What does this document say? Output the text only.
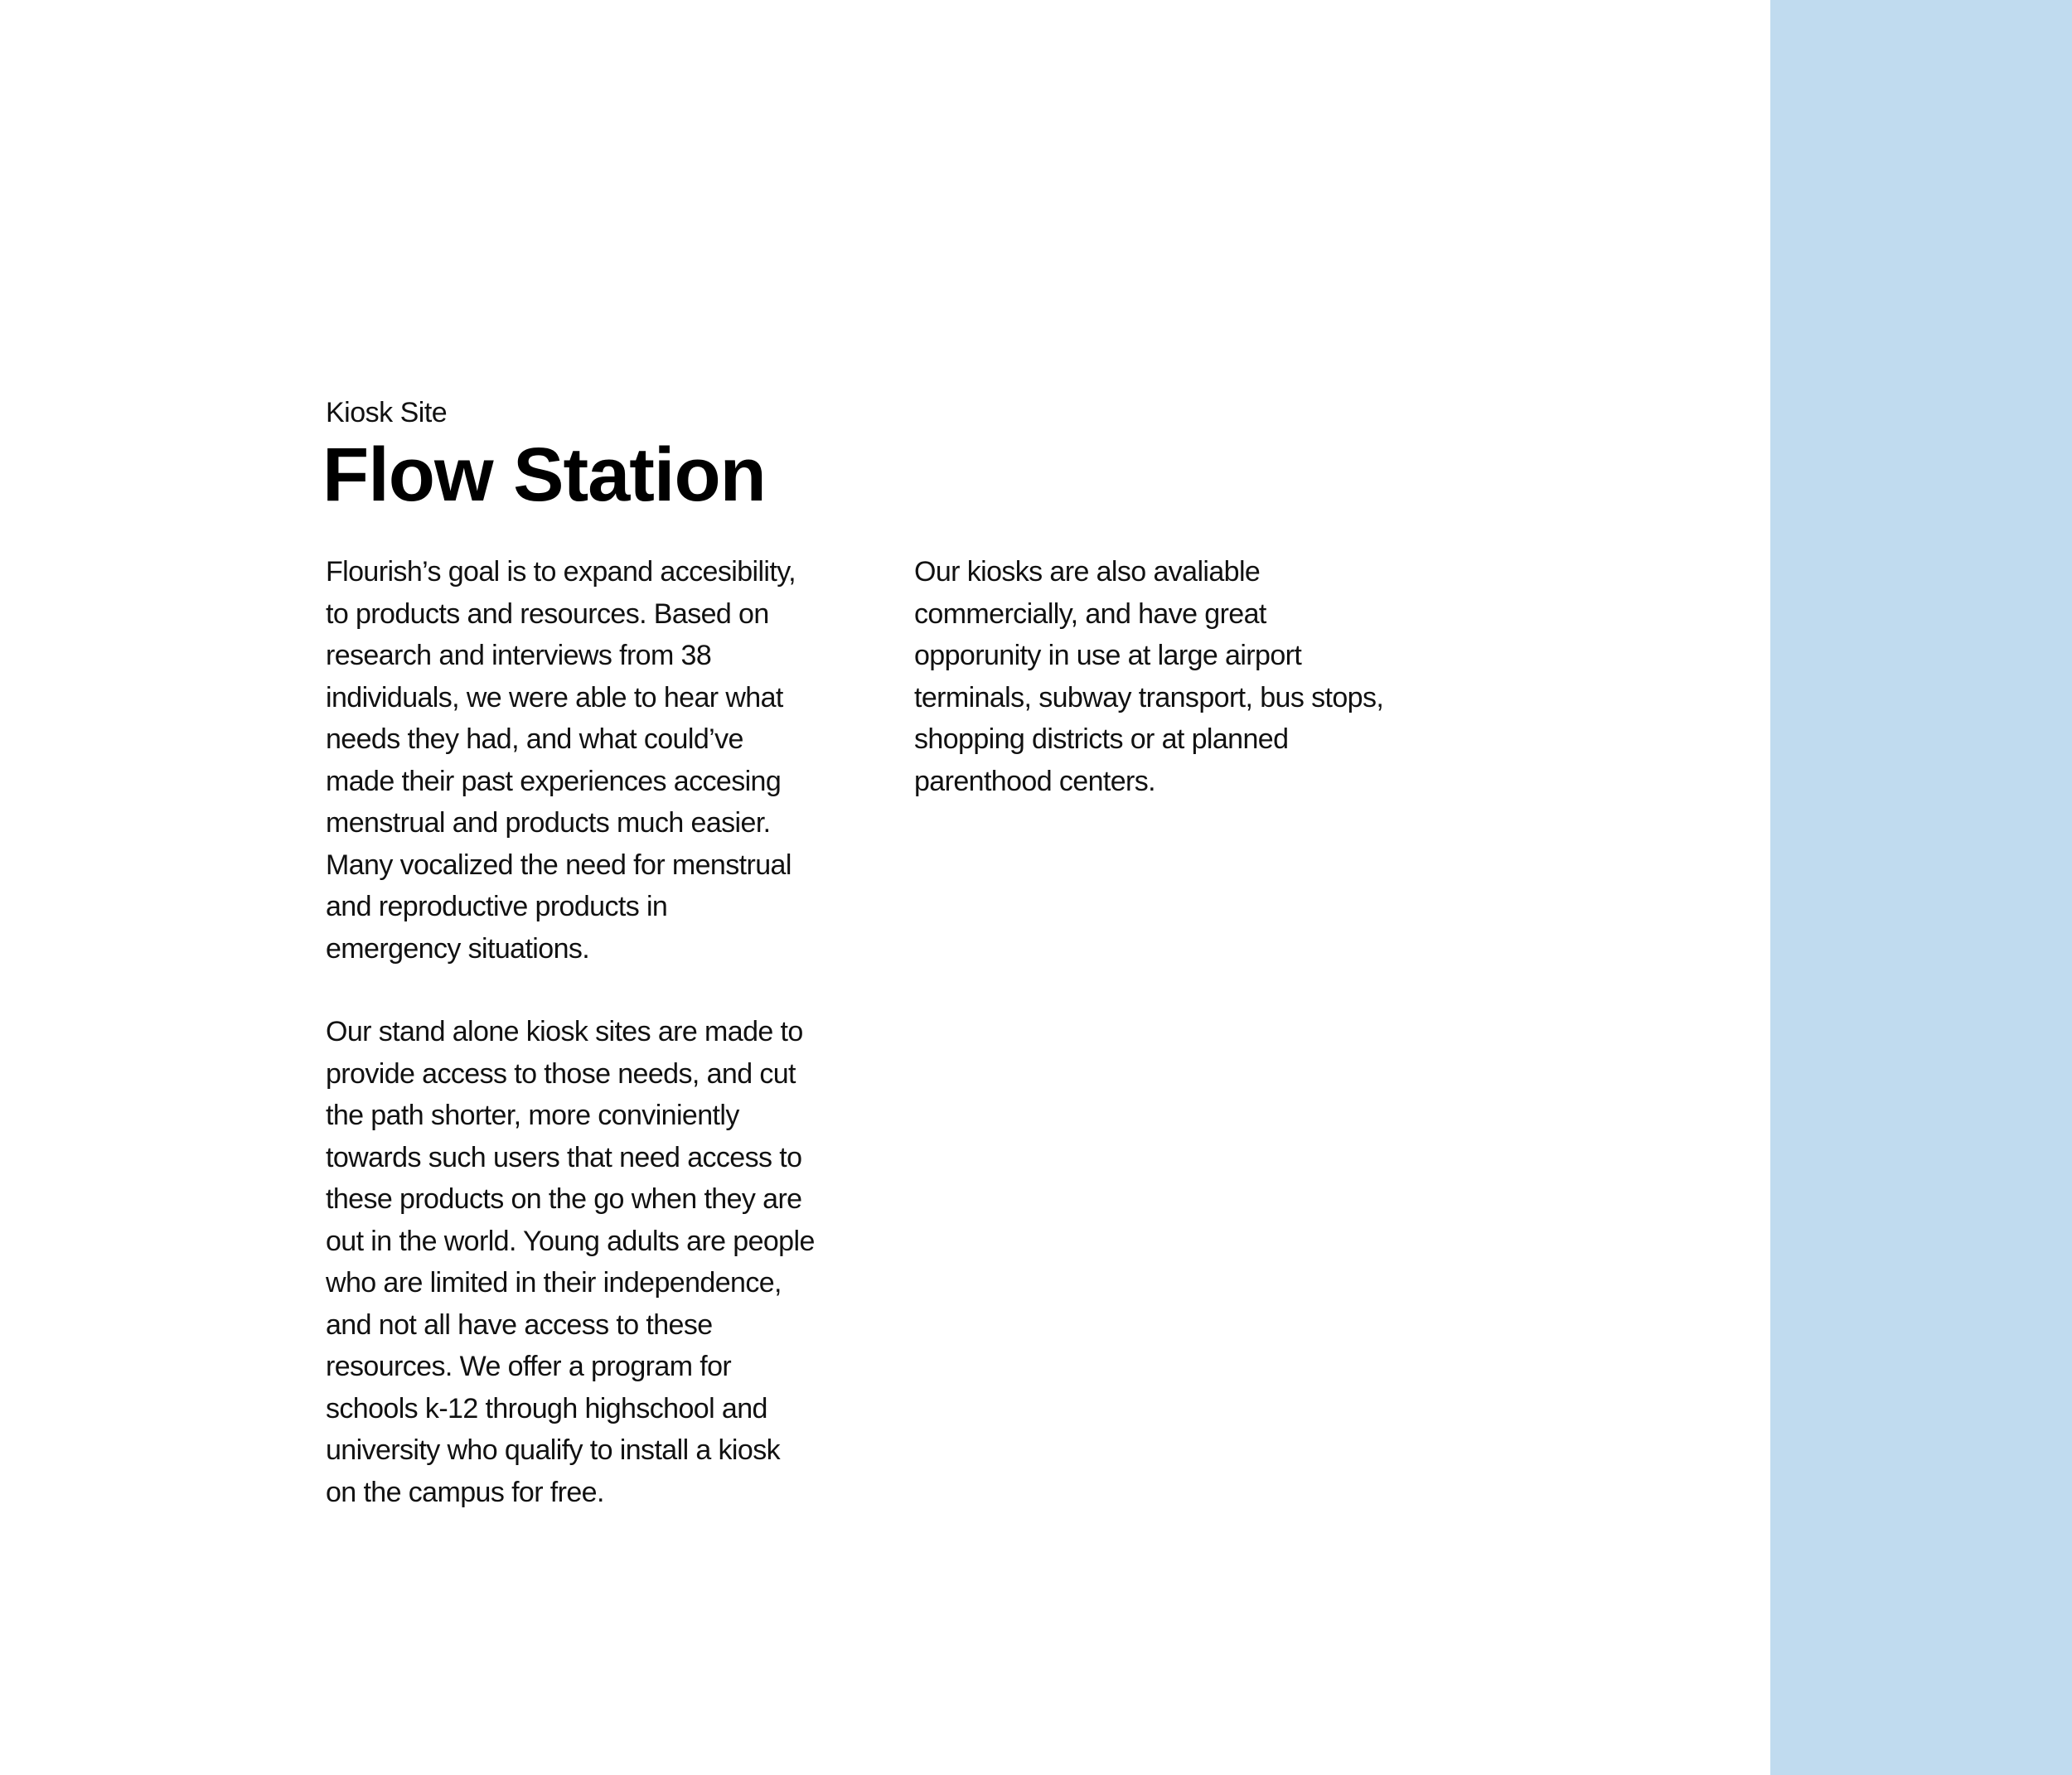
Kiosk Site

Flow Station

Flourish’s goal is to expand accesibility,
to products and resources. Based on
research and interviews from 38
individuals, we were able to hear what
needs they had, and what could’ve
made their past experiences accesing
menstrual and products much easier.
Many vocalized the need for menstrual
and reproductive products in
emergency situations.

Our stand alone kiosk sites are made to
provide access to those needs, and cut
the path shorter, more conviniently
towards such users that need access to
these products on the go when they are
out in the world. Young adults are people
who are limited in their independence,
and not all have access to these
resources. We offer a program for
schools k-12 through highschool and
university who qualify to install a kiosk
on the campus for free.

Our kiosks are also avaliable
commercially, and have great
opporunity in use at large airport
terminals, subway transport, bus stops,
shopping districts or at planned
parenthood centers.
